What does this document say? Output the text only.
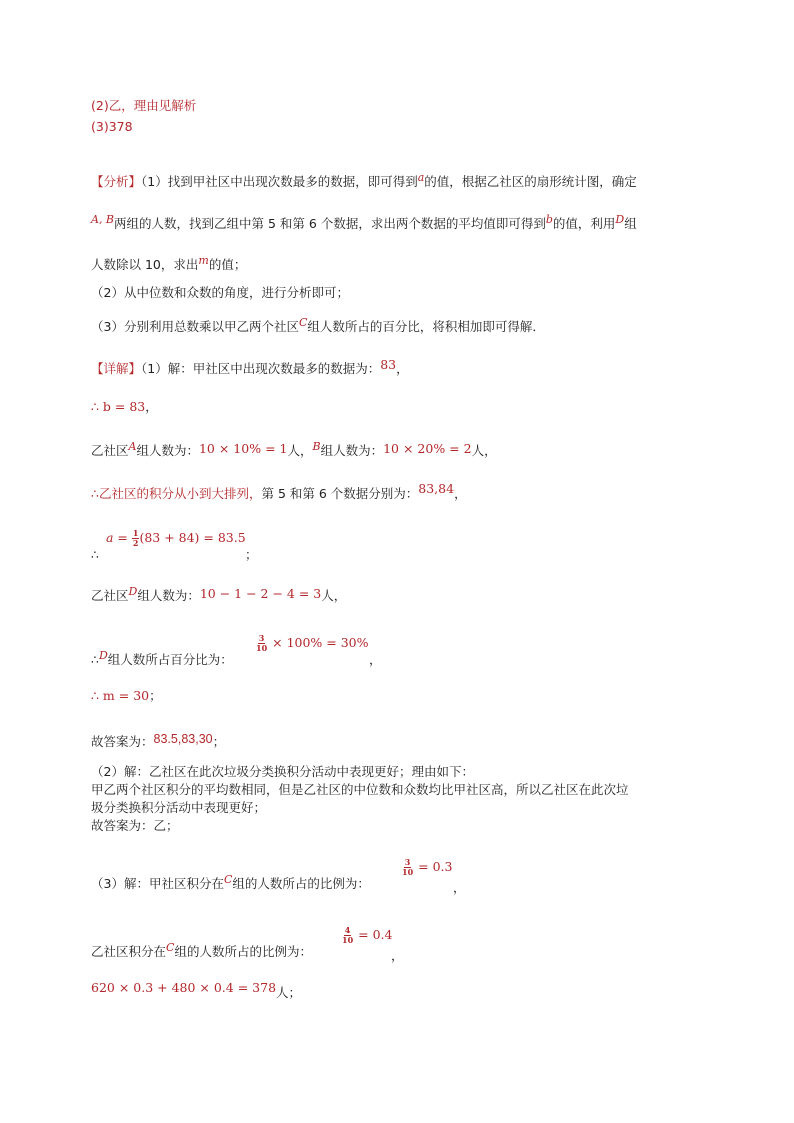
(2)乙，理由见解析
(3)378
【分析】（1）找到甲社区中出现次数最多的数据，即可得到a的值，根据乙社区的扇形统计图，确定
A, B两组的人数，找到乙组中第 5 和第 6 个数据，求出两个数据的平均值即可得到b的值，利用D组
人数除以 10，求出m的值；
（2）从中位数和众数的角度，进行分析即可；
（3）分别利用总数乘以甲乙两个社区C组人数所占的百分比，将积相加即可得解．
【详解】（1）解：甲社区中出现次数最多的数据为：83，
∴ b = 83，
乙社区A组人数为：10 × 10% = 1人，B组人数为：10 × 20% = 2人，
∴乙社区的积分从小到大排列，第 5 和第 6 个数据分别为：83,84，
$a = \frac{1}{2} (83 + 84) = 83.5$
∴	；
乙社区D组人数为：10 − 1 − 2 − 4 = 3人，
∴D组人数所占百分比为：
$\frac{3}{10} \times 100\% = 30\%$
，
∴ m = 30；
故答案为：83.5,83,30；
（2）解：乙社区在此次垃圾分类换积分活动中表现更好；理由如下：
甲乙两个社区积分的平均数相同，但是乙社区的中位数和众数均比甲社区高，所以乙社区在此次垃
圾分类换积分活动中表现更好；
故答案为：乙；
（3）解：甲社区积分在C组的人数所占的比例为：
$\frac{3}{10} = 0.3$
，
乙社区积分在C组的人数所占的比例为：
$\frac{4}{10} = 0.4$
，
620 × 0.3 + 480 × 0.4 = 378人；
